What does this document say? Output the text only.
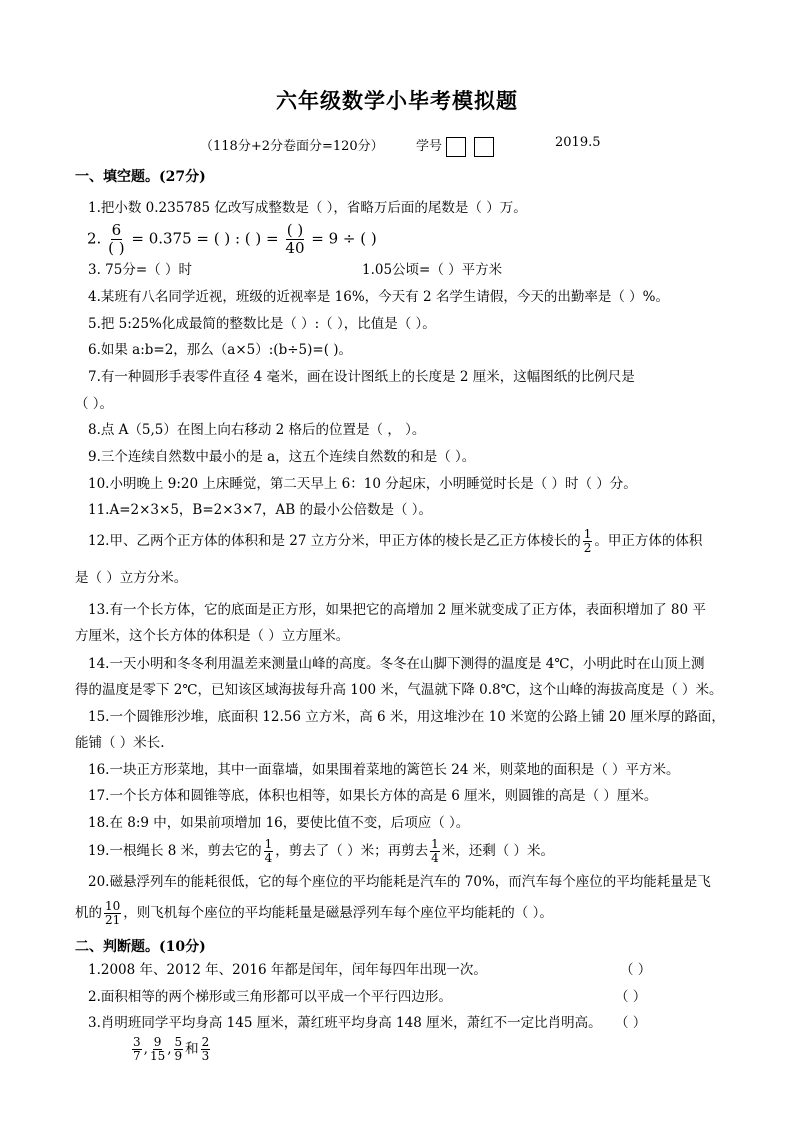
六年级数学小毕考模拟题
（118分+2分卷面分=120分） 学号	2019.5
一、填空题。(27分)
1.把小数 0.235785 亿改写成整数是（ ），省略万后面的尾数是（ ）万。
2. $\frac{6}{( )} = 0.375$ = ( ) : ( ) = $\frac{( )}{40} = 9$ ÷ ( )
3. 75分=（ ）时	1.05公顷=（ ）平方米
4.某班有八名同学近视，班级的近视率是 16%，今天有 2 名学生请假，今天的出勤率是（ ）%。
5.把 5:25%化成最简的整数比是（ ）:（ ），比值是（ ）。
6.如果 a:b=2，那么（a×5）:(b÷5)=( )。
7.有一种圆形手表零件直径 4 毫米，画在设计图纸上的长度是 2 厘米，这幅图纸的比例尺是
（ ）。
8.点 A（5,5）在图上向右移动 2 格后的位置是（ ， ）。
9.三个连续自然数中最小的是 a，这五个连续自然数的和是（ ）。
10.小明晚上 9:20 上床睡觉，第二天早上 6：10 分起床，小明睡觉时长是（ ）时（ ）分。
11.A=2×3×5，B=2×3×7，AB 的最小公倍数是（ ）。
12.甲、乙两个正方体的体积和是 27 立方分米，甲正方体的棱长是乙正方体棱长的 $\frac{1}{2}$ 。甲正方体的体积
是（ ）立方分米。
13.有一个长方体，它的底面是正方形，如果把它的高增加 2 厘米就变成了正方体，表面积增加了 80 平
方厘米，这个长方体的体积是（ ）立方厘米。
14.一天小明和冬冬利用温差来测量山峰的高度。冬冬在山脚下测得的温度是 4℃，小明此时在山顶上测
得的温度是零下 2℃，已知该区域海拔每升高 100 米，气温就下降 0.8℃，这个山峰的海拔高度是（ ）米。
15.一个圆锥形沙堆，底面积 12.56 立方米，高 6 米，用这堆沙在 10 米宽的公路上铺 20 厘米厚的路面，
能铺（ ）米长.
16.一块正方形菜地，其中一面靠墙，如果围着菜地的篱笆长 24 米，则菜地的面积是（ ）平方米。
17.一个长方体和圆锥等底，体积也相等，如果长方体的高是 6 厘米，则圆锥的高是（ ）厘米。
18.在 8:9 中，如果前项增加 16，要使比值不变，后项应（ ）。
19.一根绳长 8 米，剪去它的 $\frac{1}{4}$ ，剪去了（ ）米；再剪去 $\frac{1}{4}$ 米，还剩（ ）米。
20.磁悬浮列车的能耗很低，它的每个座位的平均能耗是汽车的 70%，而汽车每个座位的平均能耗量是飞
机的 $\frac{10}{21}$ ，则飞机每个座位的平均能耗量是磁悬浮列车每个座位平均能耗的（ ）。
二、判断题。(10分)
1.2008 年、2012 年、2016 年都是闰年，闰年每四年出现一次。	（ ）
2.面积相等的两个梯形或三角形都可以平成一个平行四边形。	（ ）
3.肖明班同学平均身高 145 厘米，萧红班平均身高 148 厘米，萧红不一定比肖明高。 （ ）
$\frac{3}{7}$ , $\frac{9}{15}$ , $\frac{5}{9}$ 和 $\frac{2}{3}$
